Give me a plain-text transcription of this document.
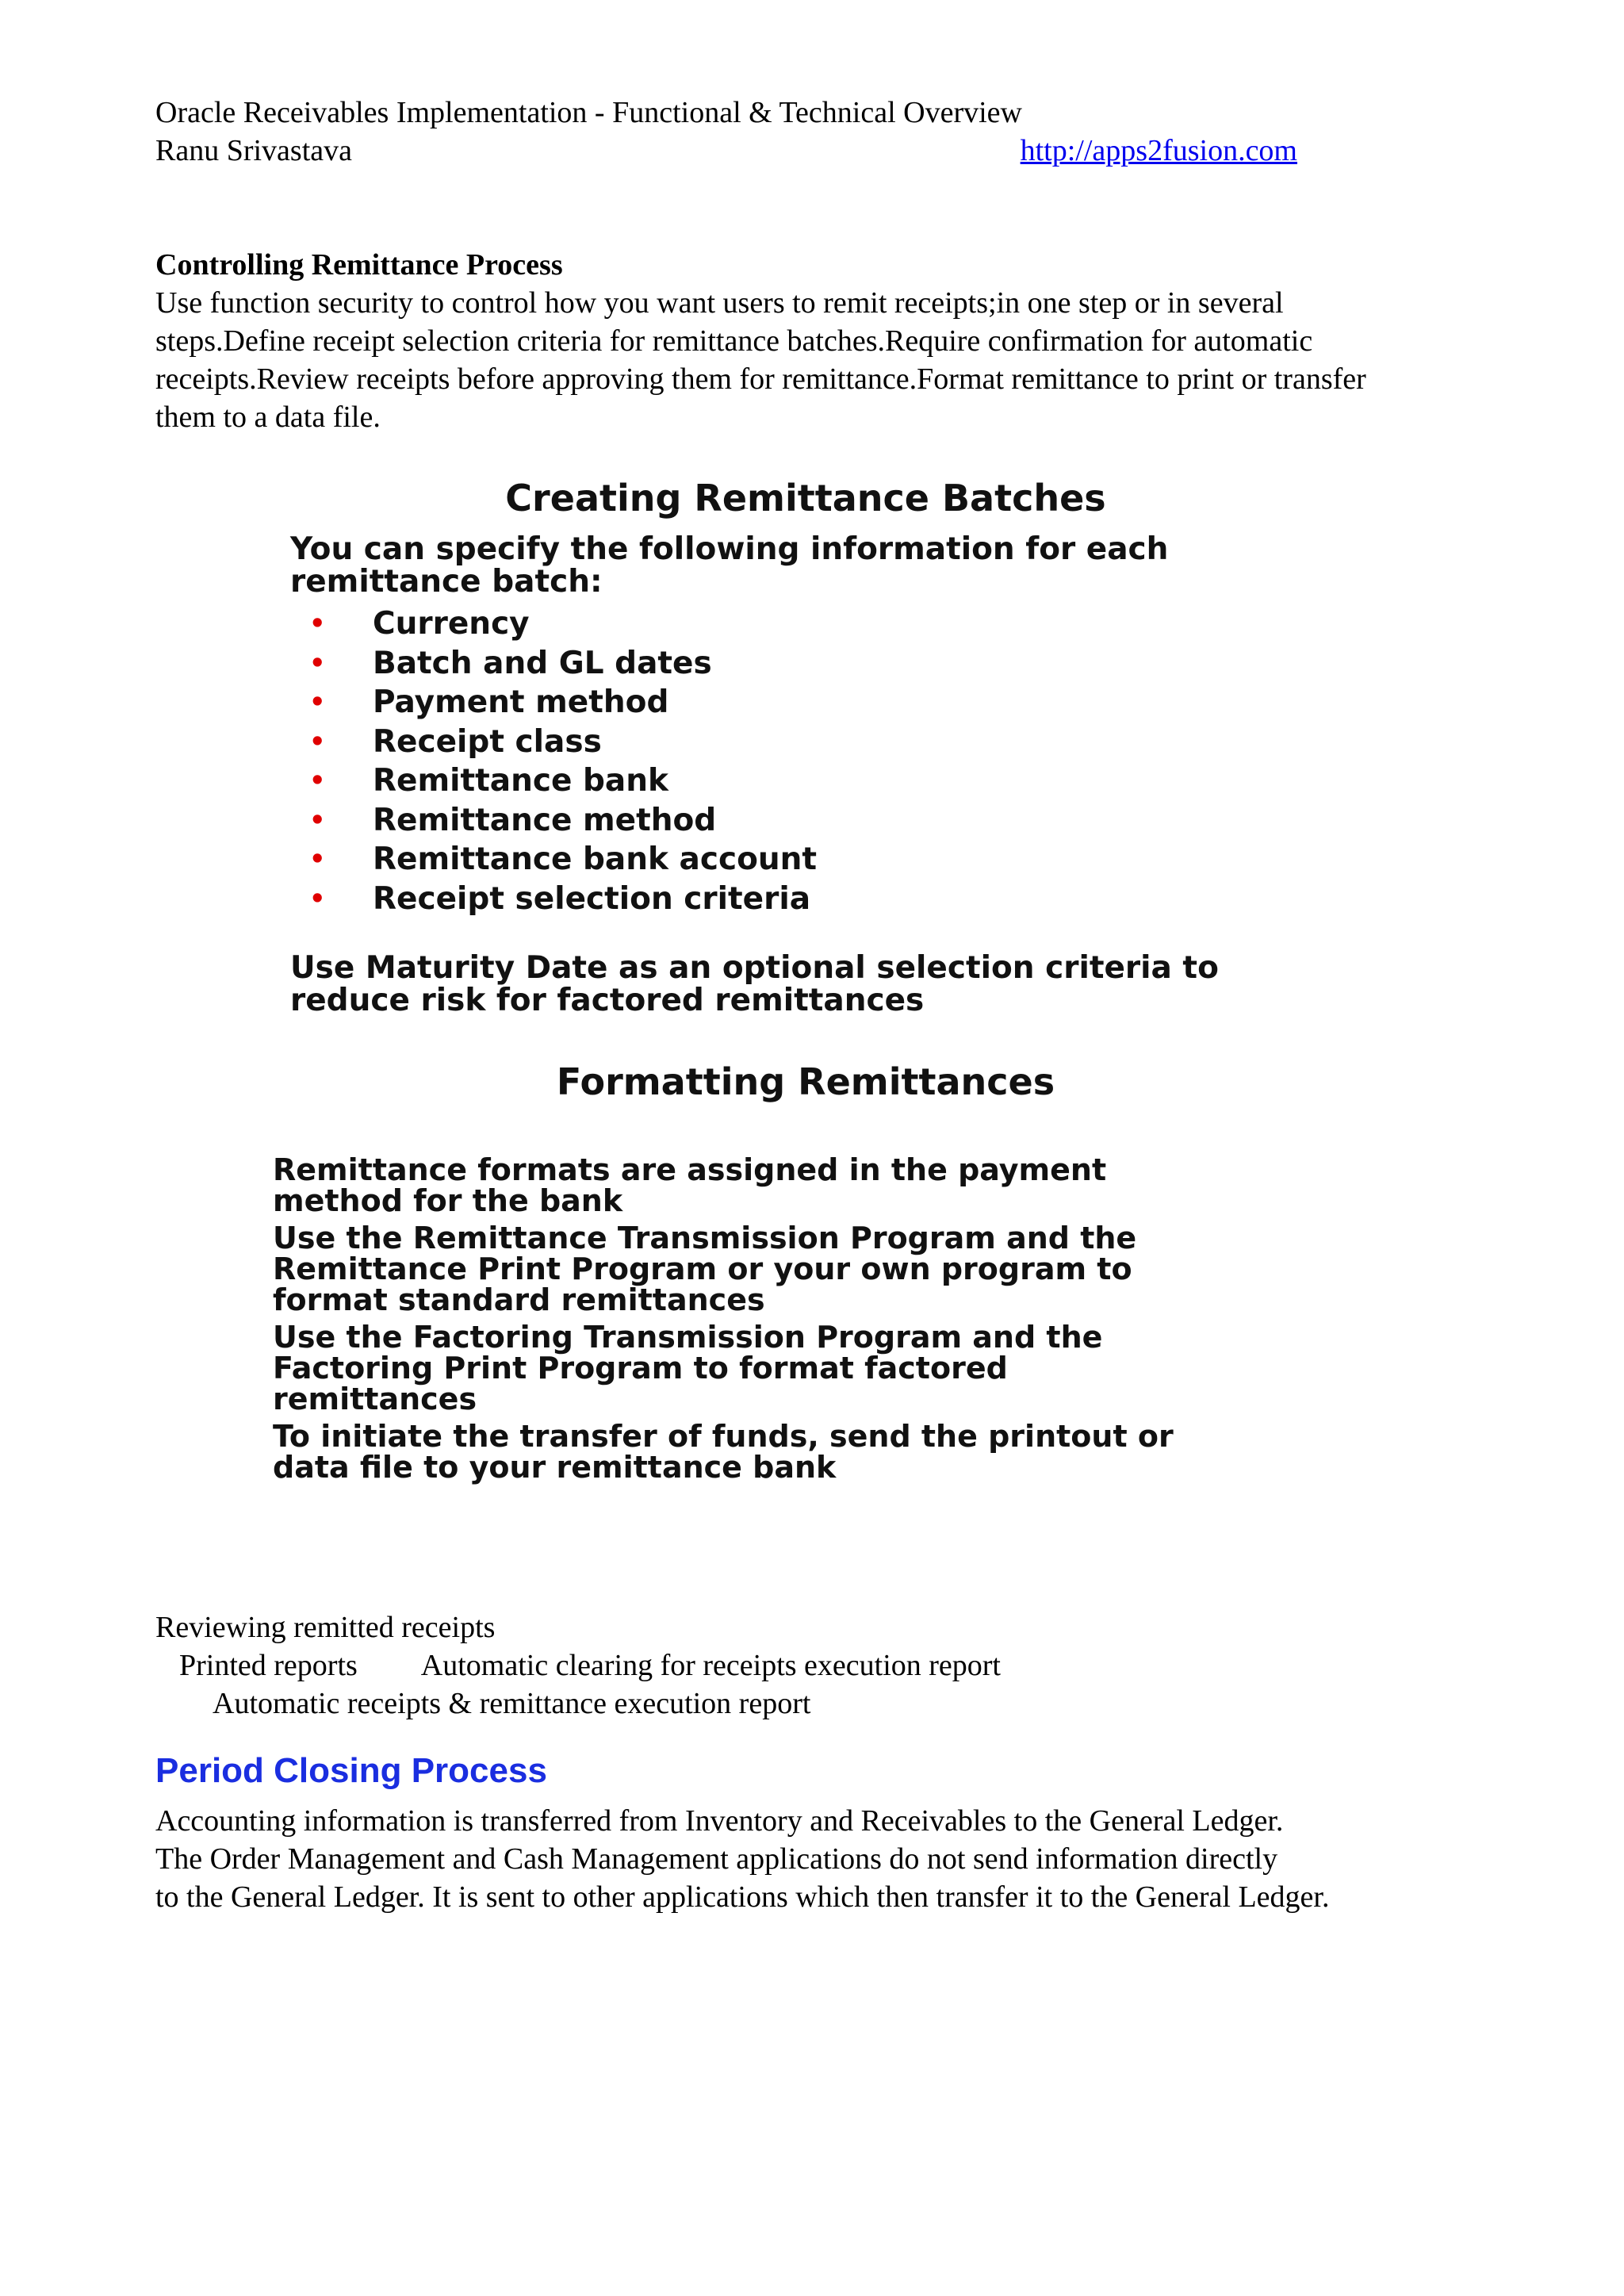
Oracle Receivables Implementation - Functional & Technical Overview
Ranu Srivastava	http://apps2fusion.com
Controlling Remittance Process

Use function security to control how you want users to remit receipts;in one step or in several

steps.Define receipt selection criteria for remittance batches.Require confirmation for automatic

receipts.Review receipts before approving them for remittance.Format remittance to print or transfer

them to a data file.

Creating Remittance Batches
You can specify the following information for each
remittance batch:
• Currency
• Batch and GL dates
• Payment method
• Receipt class
• Remittance bank
• Remittance method
• Remittance bank account
• Receipt selection criteria
Use Maturity Date as an optional selection criteria to
reduce risk for factored remittances
Formatting Remittances

Remittance formats are assigned in the payment
method for the bank

Use the Remittance Transmission Program and the
Remittance Print Program or your own program to
format standard remittances

Use the Factoring Transmission Program and the
Factoring Print Program to format factored
remittances

To initiate the transfer of funds, send the printout or
data file to your remittance bank

Reviewing remitted receipts

Printed reports Automatic clearing for receipts execution report

Automatic receipts & remittance execution report

Period Closing Process

Accounting information is transferred from Inventory and Receivables to the General Ledger.

The Order Management and Cash Management applications do not send information directly

to the General Ledger. It is sent to other applications which then transfer it to the General Ledger.
